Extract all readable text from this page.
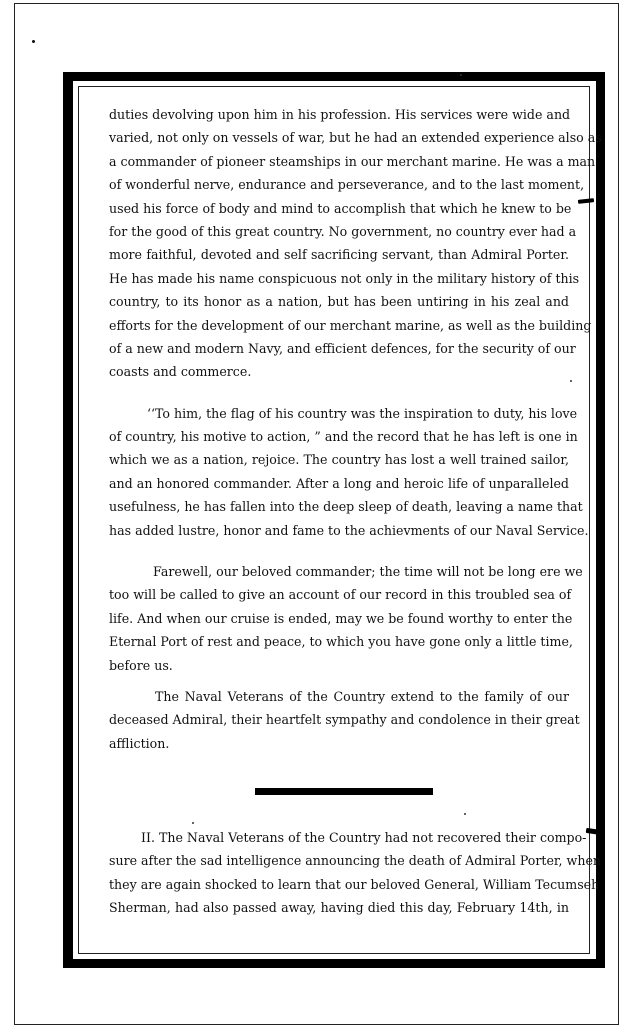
duties devolving upon him in his profession. His services were wide and
varied, not only on vessels of war, but he had an extended experience also as
a commander of pioneer steamships in our merchant marine. He was a man
of wonderful nerve, endurance and perseverance, and to the last moment,
used his force of body and mind to accomplish that which he knew to be
for the good of this great country. No government, no country ever had a
more faithful, devoted and self sacrificing servant, than Admiral Porter.
He has made his name conspicuous not only in the military history of this
country, to its honor as a nation, but has been untiring in his zeal and
efforts for the development of our merchant marine, as well as the building
of a new and modern Navy, and efficient defences, for the security of our
coasts and commerce.
‘‘To him, the flag of his country was the inspiration to duty, his love
of country, his motive to action, ” and the record that he has left is one in
which we as a nation, rejoice. The country has lost a well trained sailor,
and an honored commander. After a long and heroic life of unparalleled
usefulness, he has fallen into the deep sleep of death, leaving a name that
has added lustre, honor and fame to the achievments of our Naval Service.
Farewell, our beloved commander; the time will not be long ere we
too will be called to give an account of our record in this troubled sea of
life. And when our cruise is ended, may we be found worthy to enter the
Eternal Port of rest and peace, to which you have gone only a little time,
before us.
The Naval Veterans of the Country extend to the family of our
deceased Admiral, their heartfelt sympathy and condolence in their great
affliction.
II. The Naval Veterans of the Country had not recovered their compo-
sure after the sad intelligence announcing the death of Admiral Porter, when
they are again shocked to learn that our beloved General, William Tecumseh
Sherman, had also passed away, having died this day, February 14th, in
